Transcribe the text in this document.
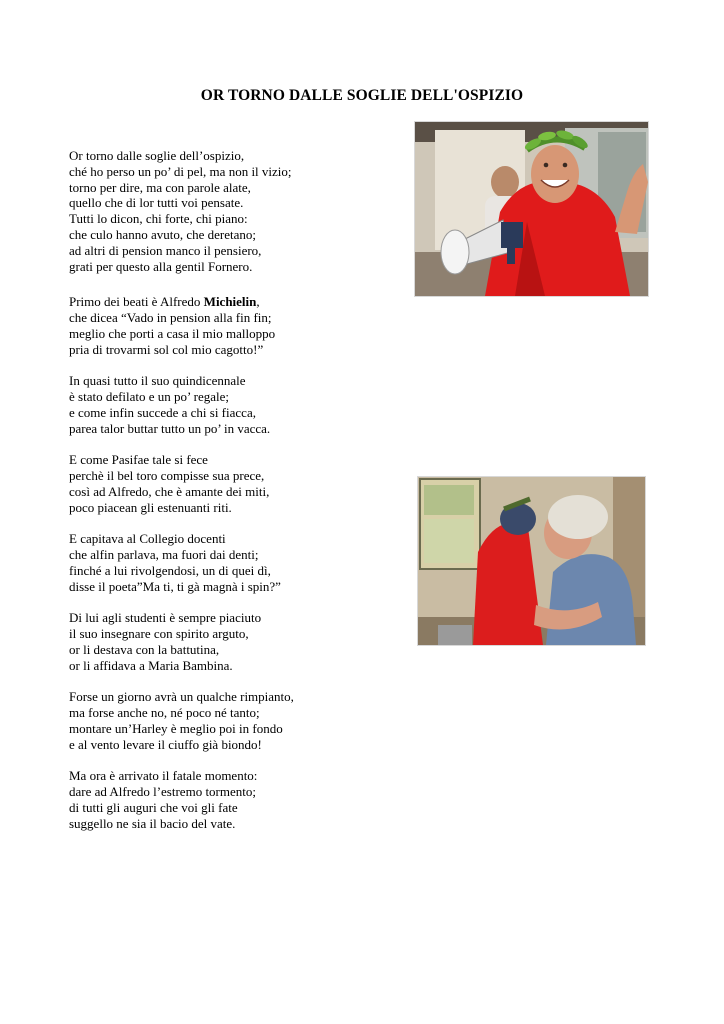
OR TORNO DALLE SOGLIE DELL'OSPIZIO
Or torno dalle soglie dell’ospizio,
ché ho perso un po’ di pel, ma non il vizio;
torno per dire, ma con parole alate,
quello che di lor tutti voi pensate.
Tutti lo dicon, chi forte, chi piano:
che culo hanno avuto, che deretano;
ad altri di pension manco il pensiero,
grati per questo alla gentil Fornero.
Primo dei beati è Alfredo Michielin,
che dicea “Vado in pension alla fin fin;
meglio che porti a casa il mio malloppo
pria di trovarmi sol col mio cagotto!”
In quasi tutto il suo quindicennale
è stato defilato e un po’ regale;
e come infin succede a chi si fiacca,
parea talor buttar tutto un po’ in vacca.
E come Pasifae tale si fece
perchè il bel toro compisse sua prece,
così ad Alfredo, che è amante dei miti,
poco piacean gli estenuanti riti.
E capitava al Collegio docenti
che alfin parlava, ma fuori dai denti;
finché a lui rivolgendosi, un di quei dì,
disse il poeta”Ma ti, ti gà magnà i spin?”
Di lui agli studenti è sempre piaciuto
il suo insegnare con spirito arguto,
or li destava con la battutina,
or li affidava a Maria Bambina.
Forse un giorno avrà un qualche rimpianto,
ma forse anche no, né poco né tanto;
montare un’Harley è meglio poi in fondo
e al vento levare il ciuffo già biondo!
Ma ora è arrivato il fatale momento:
dare ad Alfredo l’estremo tormento;
di tutti gli auguri che voi gli fate
suggello ne sia il bacio del vate.
